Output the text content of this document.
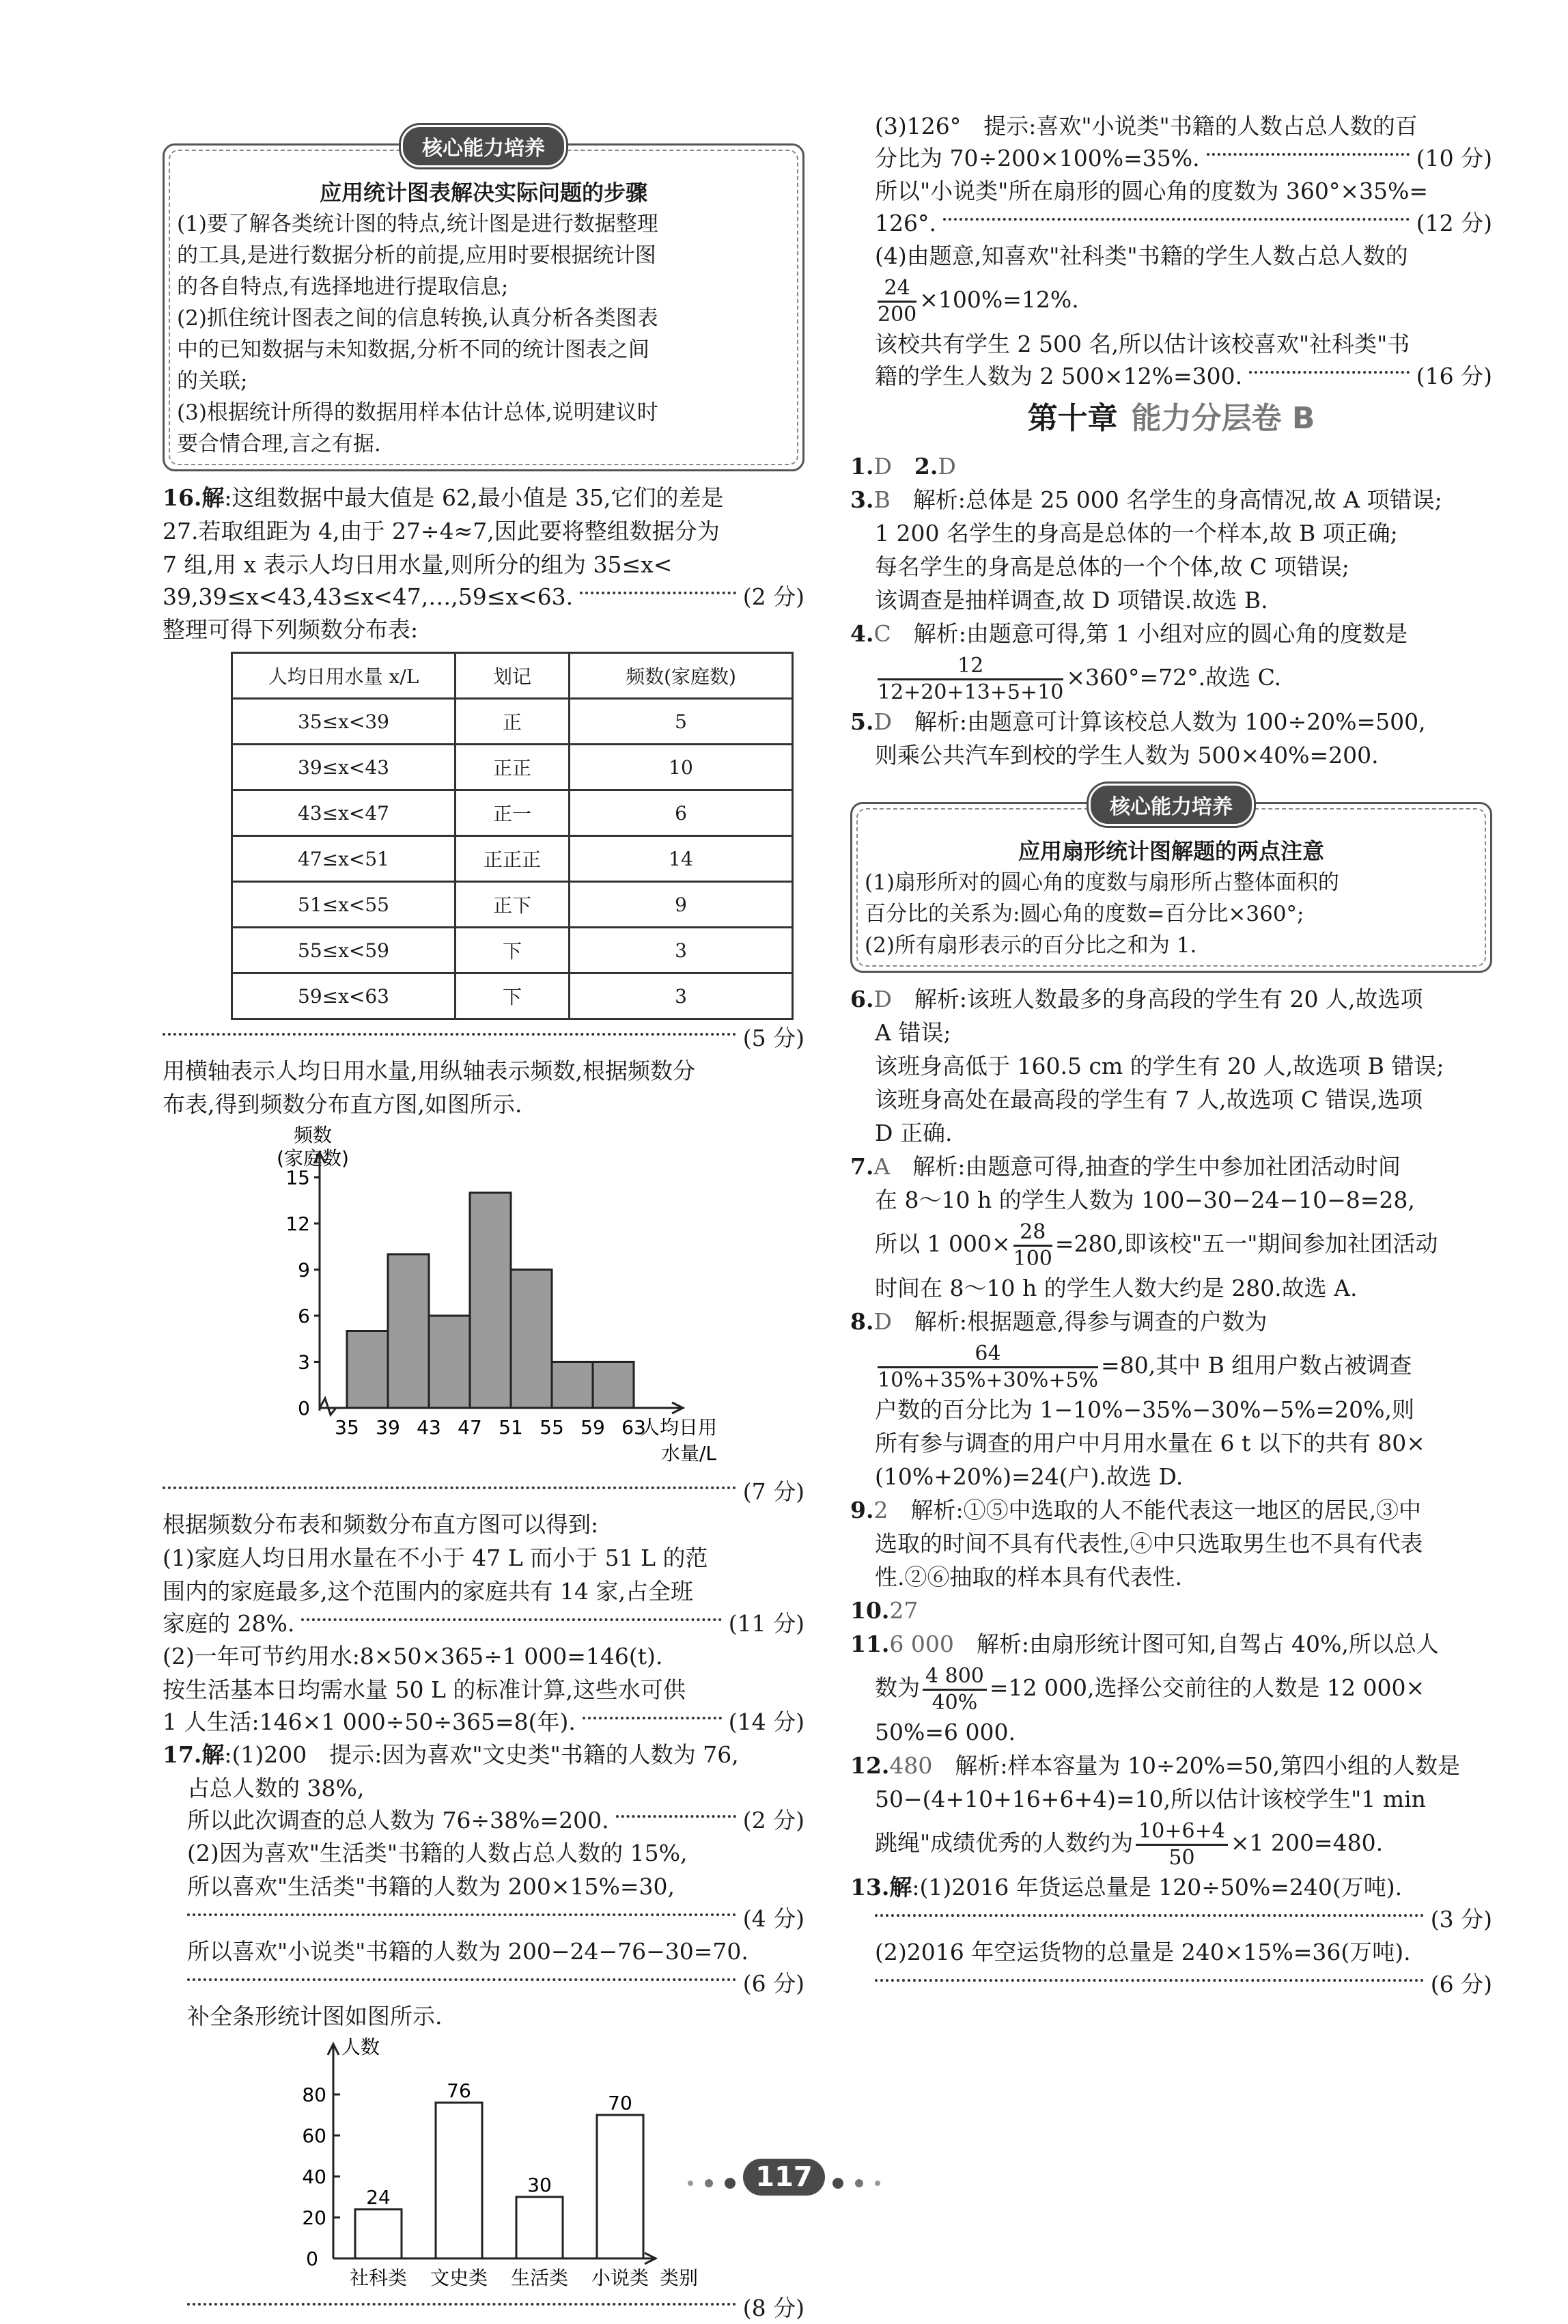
核心能力培养
应用统计图表解决实际问题的步骤

(1)要了解各类统计图的特点,统计图是进行数据整理

的工具,是进行数据分析的前提,应用时要根据统计图

的各自特点,有选择地进行提取信息;

(2)抓住统计图表之间的信息转换,认真分析各类图表

中的已知数据与未知数据,分析不同的统计图表之间

的关联;

(3)根据统计所得的数据用样本估计总体,说明建议时

要合情合理,言之有据.

16.解:这组数据中最大值是 62,最小值是 35,它们的差是

27.若取组距为 4,由于 27÷4≈7,因此要将整组数据分为

7 组,用 x 表示人均日用水量,则所分的组为 35≤x<

39,39≤x<43,43≤x<47,…,59≤x<63.	(2 分)

整理可得下列频数分布表:

人均日用水量 x/L	划记	频数(家庭数)
35≤x<39	正	5
39≤x<43	正正	10
43≤x<47	正一	6
47≤x<51	正正正	14
51≤x<55	正下	9
55≤x<59	下	3
59≤x<63	下	3
(5 分)

用横轴表示人均日用水量,用纵轴表示频数,根据频数分

布表,得到频数分布直方图,如图所示.

频数
(家庭数)
0
3
6
9
12
15
35 39 43 47 51 55 59 63
人均日用
水量/L
(7 分)

根据频数分布表和频数分布直方图可以得到:

(1)家庭人均日用水量在不小于 47 L 而小于 51 L 的范

围内的家庭最多,这个范围内的家庭共有 14 家,占全班

家庭的 28%.	(11 分)

(2)一年可节约用水:8×50×365÷1 000=146(t).

按生活基本日均需水量 50 L 的标准计算,这些水可供

1 人生活:146×1 000÷50÷365=8(年).	(14 分)

17.解:(1)200　提示:因为喜欢"文史类"书籍的人数为 76,

占总人数的 38%,

所以此次调查的总人数为 76÷38%=200.	(2 分)

(2)因为喜欢"生活类"书籍的人数占总人数的 15%,

所以喜欢"生活类"书籍的人数为 200×15%=30,

(4 分)

所以喜欢"小说类"书籍的人数为 200−24−76−30=70.

(6 分)

补全条形统计图如图所示.

人数
0
20
40
60
80
24
社科类
76
文史类
30
生活类
70
小说类 类别
(8 分)

(3)126°　提示:喜欢"小说类"书籍的人数占总人数的百

分比为 70÷200×100%=35%.	(10 分)

所以"小说类"所在扇形的圆心角的度数为 360°×35%=

126°.	(12 分)

(4)由题意,知喜欢"社科类"书籍的学生人数占总人数的

$\frac{24}{200} \times 100\%=12\%$.

该校共有学生 2 500 名,所以估计该校喜欢"社科类"书

籍的学生人数为 2 500×12%=300.	(16 分)
第十章 能力分层卷 B

1.D　 2.D

3.B　 解析:总体是 25 000 名学生的身高情况,故 A 项错误;

1 200 名学生的身高是总体的一个样本,故 B 项正确;

每名学生的身高是总体的一个个体,故 C 项错误;

该调查是抽样调查,故 D 项错误.故选 B.

4.C　 解析:由题意可得,第 1 小组对应的圆心角的度数是

$\frac{12}{12+20+13+5+10} \times 360^\circ=72^\circ$.故选 C.

5.D　 解析:由题意可计算该校总人数为 100÷20%=500,

则乘公共汽车到校的学生人数为 500×40%=200.

核心能力培养
应用扇形统计图解题的两点注意

(1)扇形所对的圆心角的度数与扇形所占整体面积的

百分比的关系为:圆心角的度数=百分比×360°;

(2)所有扇形表示的百分比之和为 1.

6.D　 解析:该班人数最多的身高段的学生有 20 人,故选项

A 错误;

该班身高低于 160.5 cm 的学生有 20 人,故选项 B 错误;

该班身高处在最高段的学生有 7 人,故选项 C 错误,选项

D 正确.

7.A　 解析:由题意可得,抽查的学生中参加社团活动时间

在 8～10 h 的学生人数为 100−30−24−10−8=28,

所以 1 $000\times \frac{28}{100} =280$,即该校"五一"期间参加社团活动

时间在 8～10 h 的学生人数大约是 280.故选 A.

8.D　 解析:根据题意,得参与调查的户数为

$\frac{64}{10\%+35\%+30\%+5\%} =80$,其中 B 组用户数占被调查

户数的百分比为 1−10%−35%−30%−5%=20%,则

所有参与调查的用户中月用水量在 6 t 以下的共有 80×

(10%+20%)=24(户).故选 D.

9.2　 解析:①⑤中选取的人不能代表这一地区的居民,③中

选取的时间不具有代表性,④中只选取男生也不具有代表

性.②⑥抽取的样本具有代表性.

10.27

11.6 000　 解析:由扇形统计图可知,自驾占 40%,所以总人

数为 $\frac{4 800}{40\%} =12$ 000,选择公交前往的人数是 12 000×

50%=6 000.

12.480　 解析:样本容量为 10÷20%=50,第四小组的人数是

50−(4+10+16+6+4)=10,所以估计该校学生"1 min

跳绳"成绩优秀的人数约为 $\frac{10+6+4}{50} \times 1$ 200=480.

13.解:(1)2016 年货运总量是 120÷50%=240(万吨).

(3 分)

(2)2016 年空运货物的总量是 240×15%=36(万吨).

(6 分)
117
